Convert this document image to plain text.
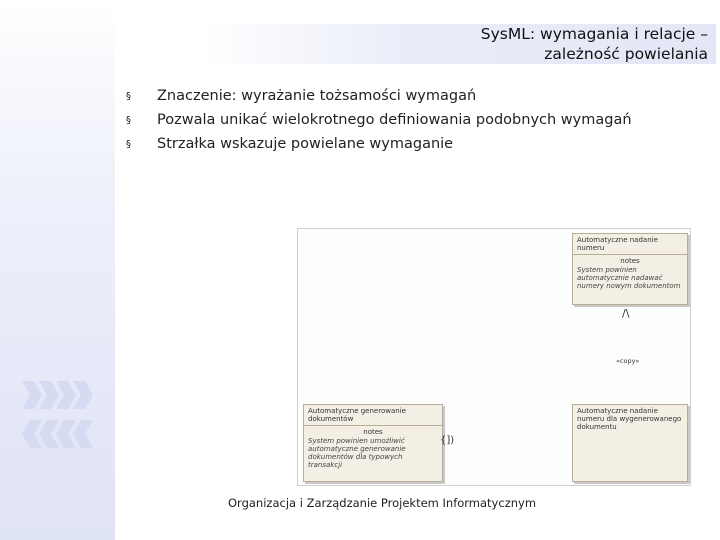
SysML: wymagania i relacje –
zależność powielania
§ Znaczenie: wyrażanie tożsamości wymagań
§ Pozwala unikać wielokrotnego definiowania podobnych wymagań
§ Strzałka wskazuje powielane wymaganie
Automatyczne nadanie numeru
notes
System powinien automatycznie nadawać numery nowym dokumentom
/\
«copy»
Automatyczne generowanie dokumentów
notes
System powinien umożliwić automatyczne generowanie dokumentów dla typowych transakcji
{])
Automatyczne nadanie numeru dla wygenerowanego dokumentu
Organizacja i Zarządzanie Projektem Informatycznym
